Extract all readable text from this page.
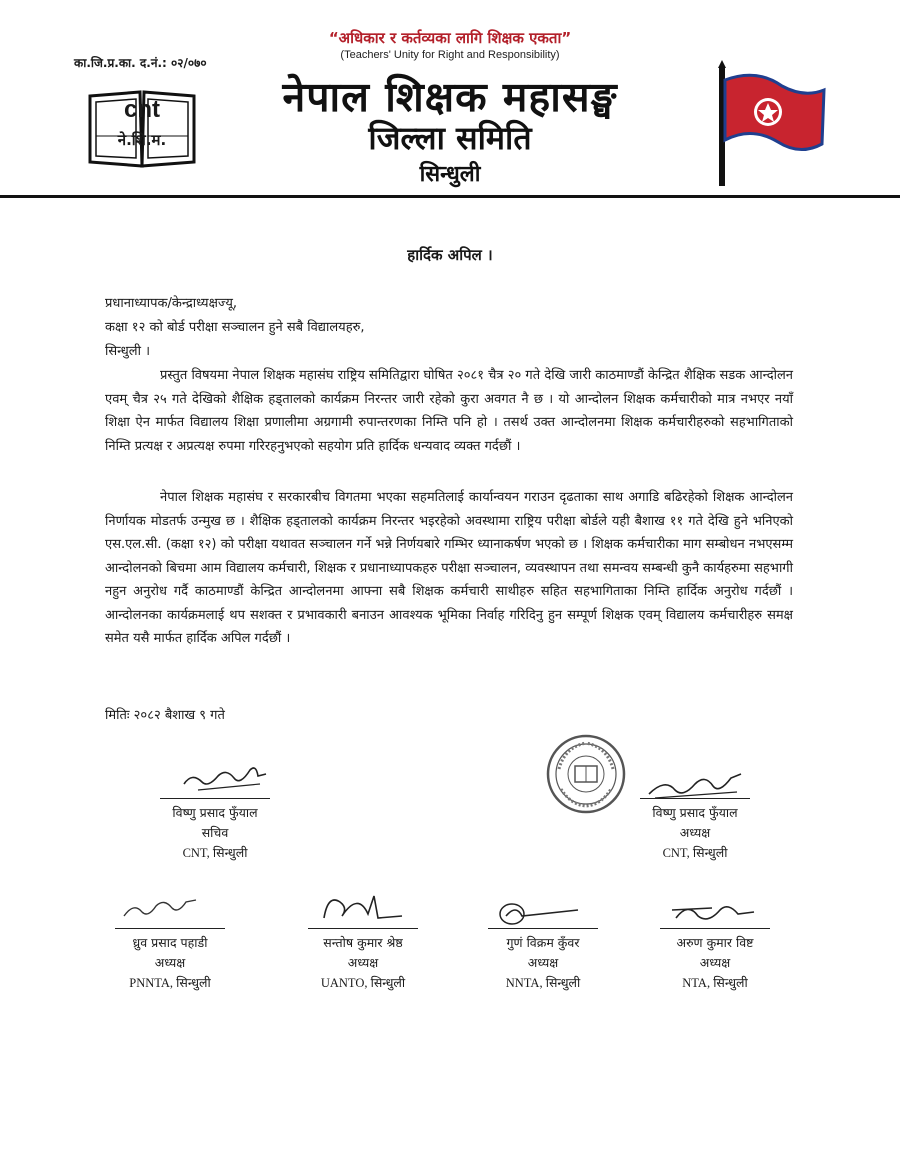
“अधिकार र कर्तव्यका लागि शिक्षक एकता”
(Teachers' Unity for Right and Responsibility)
का.जि.प्र.का. द.नं.: ०२/०७०
cnt
ने.शि.म.
नेपाल शिक्षक महासङ्घ
जिल्ला समिति
सिन्धुली
हार्दिक अपिल ।
प्रधानाध्यापक/केन्द्राध्यक्षज्यू,
कक्षा १२ को बोर्ड परीक्षा सञ्चालन हुने सबै विद्यालयहरु,
सिन्धुली ।
प्रस्तुत विषयमा नेपाल शिक्षक महासंघ राष्ट्रिय समितिद्वारा घोषित २०८१ चैत्र २० गते देखि जारी काठमाण्डौं केन्द्रित शैक्षिक सडक आन्दोलन एवम् चैत्र २५ गते देखिको शैक्षिक हड्तालको कार्यक्रम निरन्तर जारी रहेको कुरा अवगत नै छ । यो आन्दोलन शिक्षक कर्मचारीको मात्र नभएर नयाँ शिक्षा ऐन मार्फत विद्यालय शिक्षा प्रणालीमा अग्रगामी रुपान्तरणका निम्ति पनि हो । तसर्थ उक्त आन्दोलनमा शिक्षक कर्मचारीहरुको सहभागिताको निम्ति प्रत्यक्ष र अप्रत्यक्ष रुपमा गरिरहनुभएको सहयोग प्रति हार्दिक धन्यवाद व्यक्त गर्दछौं ।
नेपाल शिक्षक महासंघ र सरकारबीच विगतमा भएका सहमतिलाई कार्यान्वयन गराउन दृढताका साथ अगाडि बढिरहेको शिक्षक आन्दोलन निर्णायक मोडतर्फ उन्मुख छ । शैक्षिक हड्तालको कार्यक्रम निरन्तर भइरहेको अवस्थामा राष्ट्रिय परीक्षा बोर्डले यही बैशाख ११ गते देखि हुने भनिएको एस.एल.सी. (कक्षा १२) को परीक्षा यथावत सञ्चालन गर्ने भन्ने निर्णयबारे गम्भिर ध्यानाकर्षण भएको छ । शिक्षक कर्मचारीका माग सम्बोधन नभएसम्म आन्दोलनको बिचमा आम विद्यालय कर्मचारी, शिक्षक र प्रधानाध्यापकहरु परीक्षा सञ्चालन, व्यवस्थापन तथा समन्वय सम्बन्धी कुनै कार्यहरुमा सहभागी नहुन अनुरोध गर्दै काठमाण्डौं केन्द्रित आन्दोलनमा आफ्ना सबै शिक्षक कर्मचारी साथीहरु सहित सहभागिताका निम्ति हार्दिक अनुरोध गर्दछौं । आन्दोलनका कार्यक्रमलाई थप सशक्त र प्रभावकारी बनाउन आवश्यक भूमिका निर्वाह गरिदिनु हुन सम्पूर्ण शिक्षक एवम् विद्यालय कर्मचारीहरु समक्ष समेत यसै मार्फत हार्दिक अपिल गर्दछौं ।
मितिः २०८२ बैशाख ९ गते
विष्णु प्रसाद फुँयाल
सचिव
CNT, सिन्धुली
विष्णु प्रसाद फुँयाल
अध्यक्ष
CNT, सिन्धुली
ध्रुव प्रसाद पहाडी
अध्यक्ष
PNNTA, सिन्धुली
सन्तोष कुमार श्रेष्ठ
अध्यक्ष
UANTO, सिन्धुली
गुणं विक्रम कुँवर
अध्यक्ष
NNTA, सिन्धुली
अरुण कुमार विष्ट
अध्यक्ष
NTA, सिन्धुली
